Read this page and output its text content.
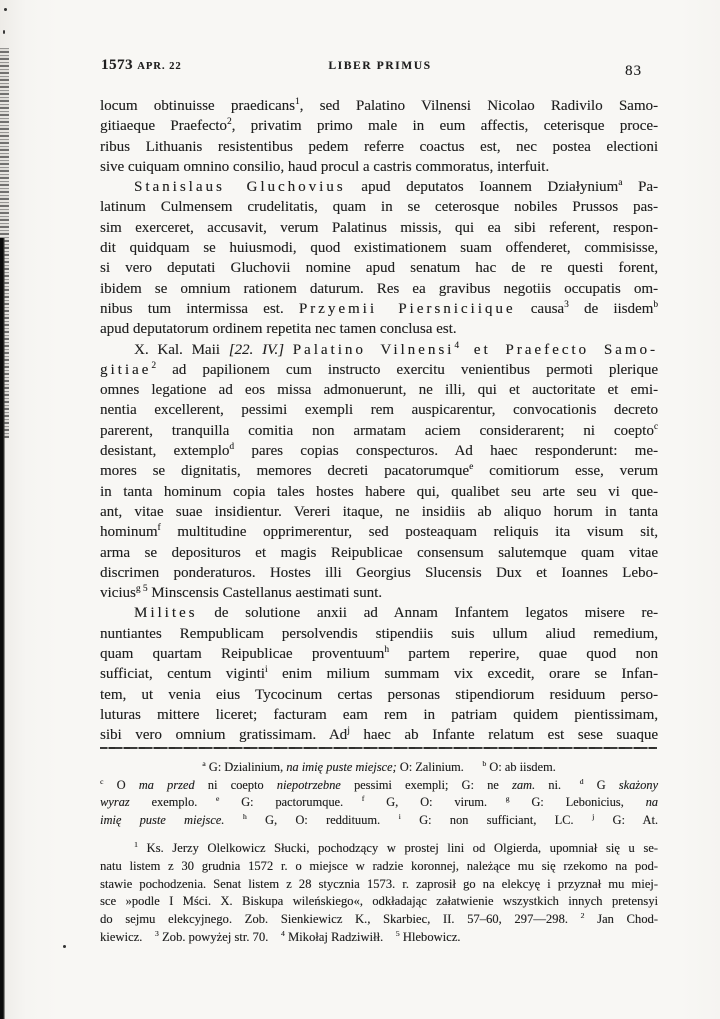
1573 APR. 22	LIBER PRIMUS	83
locum obtinuisse praedicans$^1$, sed Palatino Vilnensi Nicolao Radivilo Samo-
gitiaeque Praefecto$^2$, privatim primo male in eum affectis, ceterisque proce-
ribus Lithuanis resistentibus pedem referre coactus est, nec postea electioni
sive cuiquam omnino consilio, haud procul a castris commoratus, interfuit.
Stanislaus Gluchovius apud deputatos Ioannem Działynium$^a$ Pa-
latinum Culmensem crudelitatis, quam in se ceterosque nobiles Prussos pas-
sim exerceret, accusavit, verum Palatinus missis, qui ea sibi referent, respon-
dit quidquam se huiusmodi, quod existimationem suam offenderet, commisisse,
si vero deputati Gluchovii nomine apud senatum hac de re questi forent,
ibidem se omnium rationem daturum. Res ea gravibus negotiis occupatis om-
nibus tum intermissa est. Przyemii Piersniciique causa$^3$ de iisdem$^b$
apud deputatorum ordinem repetita nec tamen conclusa est.
X. Kal. Maii [22. IV.] Palatino Vilnensi$^4$ et Praefecto Samo-
gitiae$^2$ ad papilionem cum instructo exercitu venientibus permoti plerique
omnes legatione ad eos missa admonuerunt, ne illi, qui et auctoritate et emi-
nentia excellerent, pessimi exempli rem auspicarentur, convocationis decreto
parerent, tranquilla comitia non armatam aciem considerarent; ni coepto$^c$
desistant, extemplo$^d$ pares copias conspecturos. Ad haec responderunt: me-
mores se dignitatis, memores decreti pacatorumque$^e$ comitiorum esse, verum
in tanta hominum copia tales hostes habere qui, qualibet seu arte seu vi que-
ant, vitae suae insidientur. Vereri itaque, ne insidiis ab aliquo horum in tanta
hominum$^f$ multitudine opprimerentur, sed posteaquam reliquis ita visum sit,
arma se deposituros et magis Reipublicae consensum salutemque quam vitae
discrimen ponderaturos. Hostes illi Georgius Slucensis Dux et Ioannes Lebo-
vicius$^{g 5}$ Minscensis Castellanus aestimati sunt.
Milites de solutione anxii ad Annam Infantem legatos misere re-
nuntiantes Rempublicam persolvendis stipendiis suis ullum aliud remedium,
quam quartam Reipublicae proventuum$^h$ partem reperire, quae quod non
sufficiat, centum viginti$^i$ enim milium summam vix excedit, orare se Infan-
tem, ut venia eius Tycocinum certas personas stipendiorum residuum perso-
luturas mittere liceret; facturam eam rem in patriam quidem pientissimam,
sibi vero omnium gratissimam. Ad$^j$ haec ab Infante relatum est sese suaque
$^a$ G: Dzialinium, na imię puste miejsce; O: Zalinium.   $^b$ O: ab iisdem.
$^c$ O ma przed ni coepto niepotrzebne pessimi exempli; G: ne zam. ni.   $^d$ G skażony
wyraz exemplo.   $^e$ G: pactorumque.   $^f$ G, O: virum.   $^g$ G: Lebonicius, na
imię puste miejsce.   $^h$ G, O: reddituum.   $^i$ G: non sufficiant, LC.   $^j$ G: At.
$^1$ Ks. Jerzy Olelkowicz Słucki, pochodzący w prostej lini od Olgierda, upomniał się u se-
natu listem z 30 grudnia 1572 r. o miejsce w radzie koronnej, należące mu się rzekomo na pod-
stawie pochodzenia. Senat listem z 28 stycznia 1573. r. zaprosił go na elekcyę i przyznał mu miej-
sce »podle I Mści. X. Biskupa wileńskiego«, odkładając załatwienie wszystkich innych pretensyi
do sejmu elekcyjnego. Zob. Sienkiewicz K., Skarbiec, II. 57–60, 297—298.  $^2$ Jan Chod-
kiewicz.  $^3$ Zob. powyżej str. 70.  $^4$ Mikołaj Radziwiłł.  $^5$ Hlebowicz.
